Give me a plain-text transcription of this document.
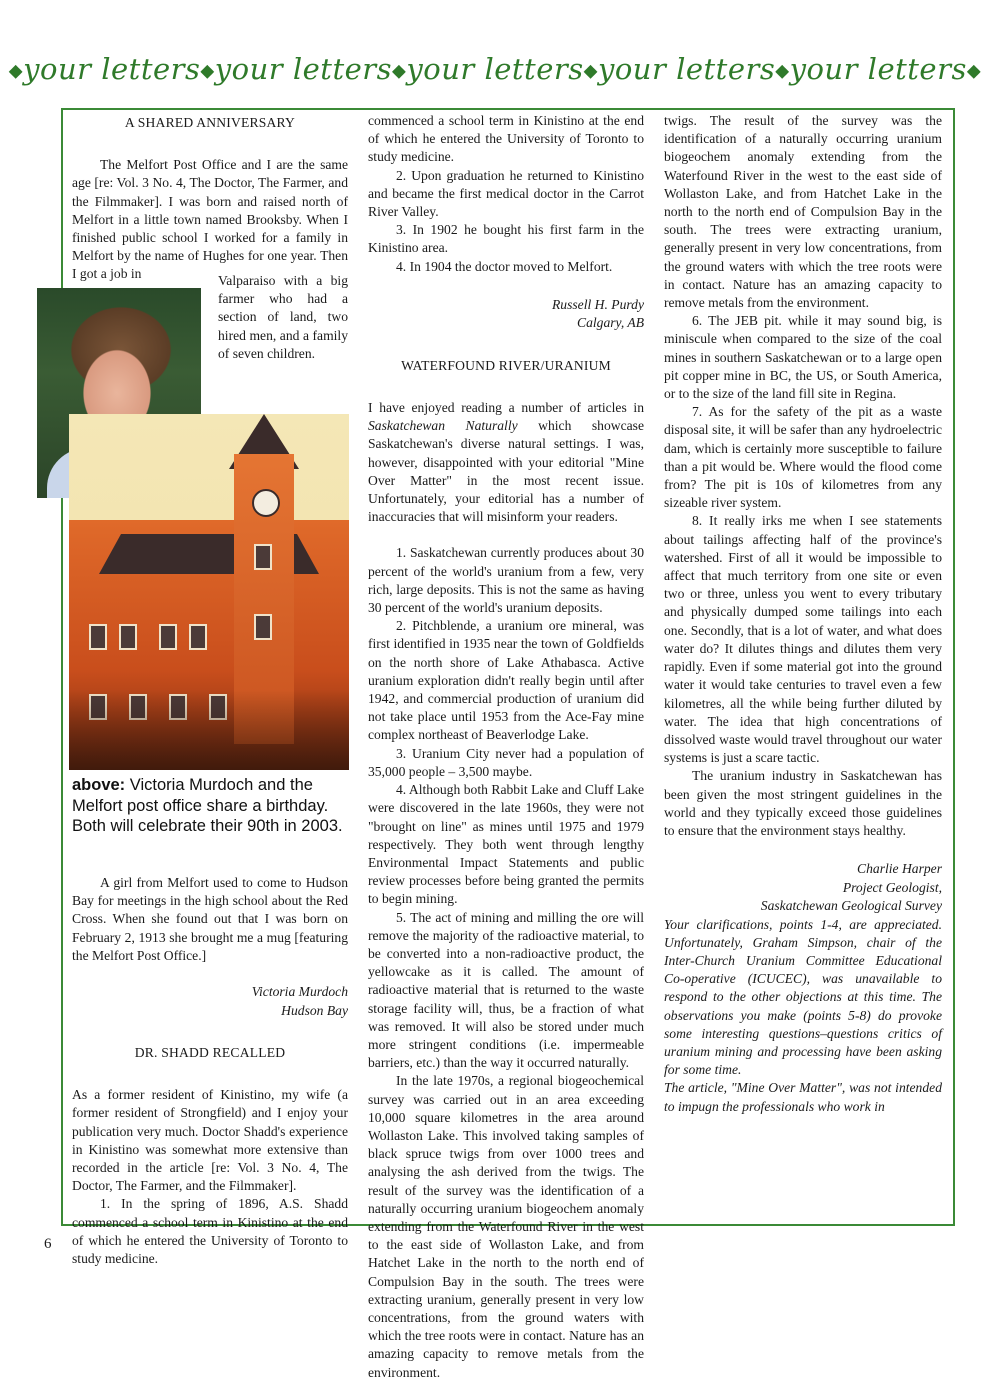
◆your letters◆your letters◆your letters◆your letters◆your letters◆
A SHARED ANNIVERSARY

The Melfort Post Office and I are the same age [re: Vol. 3 No. 4, The Doctor, The Farmer, and the Filmmaker]. I was born and raised north of Melfort in a little town named Brooksby. When I finished public school I worked for a family in Melfort by the name of Hughes for one year. Then I got a job in	Valparaiso with a big farmer who had a section of land, two hired men, and a family of seven children.
above: Victoria Murdoch and the Melfort post office share a birthday. Both will celebrate their 90th in 2003.

A girl from Melfort used to come to Hudson Bay for meetings in the high school about the Red Cross. When she found out that I was born on February 2, 1913 she brought me a mug [featuring the Melfort Post Office.]

Victoria Murdoch
Hudson Bay
DR. SHADD RECALLED

As a former resident of Kinistino, my wife (a former resident of Strongfield) and I enjoy your publication very much. Doctor Shadd's experience in Kinistino was somewhat more extensive than recorded in the article [re: Vol. 3 No. 4, The Doctor, The Farmer, and the Filmmaker].

1. In the spring of 1896, A.S. Shadd commenced a school term in Kinistino at the end of which he entered the University of Toronto to study medicine.

commenced a school term in Kinistino at the end of which he entered the University of Toronto to study medicine.

2. Upon graduation he returned to Kinistino and became the first medical doctor in the Carrot River Valley.

3. In 1902 he bought his first farm in the Kinistino area.

4. In 1904 the doctor moved to Melfort.

Russell H. Purdy
Calgary, AB
WATERFOUND RIVER/URANIUM

I have enjoyed reading a number of articles in Saskatchewan Naturally which showcase Saskatchewan's diverse natural settings. I was, however, disappointed with your editorial "Mine Over Matter" in the most recent issue. Unfortunately, your editorial has a number of inaccuracies that will misinform your readers.

1. Saskatchewan currently produces about 30 percent of the world's uranium from a few, very rich, large deposits. This is not the same as having 30 percent of the world's uranium deposits.

2. Pitchblende, a uranium ore mineral, was first identified in 1935 near the town of Goldfields on the north shore of Lake Athabasca. Active uranium exploration didn't really begin until after 1942, and commercial production of uranium did not take place until 1953 from the Ace-Fay mine complex northeast of Beaverlodge Lake.

3. Uranium City never had a population of 35,000 people – 3,500 maybe.

4. Although both Rabbit Lake and Cluff Lake were discovered in the late 1960s, they were not "brought on line" as mines until 1975 and 1979 respectively. They both went through lengthy Environmental Impact Statements and public review processes before being granted the permits to begin mining.

5. The act of mining and milling the ore will remove the majority of the radioactive material, to be converted into a non-radioactive product, the yellowcake as it is called. The amount of radioactive material that is returned to the waste storage facility will, thus, be a fraction of what was removed. It will also be stored under much more stringent conditions (i.e. impermeable barriers, etc.) than the way it occurred naturally.

In the late 1970s, a regional biogeochemical survey was carried out in an area exceeding 10,000 square kilometres in the area around Wollaston Lake. This involved taking samples of black spruce twigs from over 1000 trees and analysing the ash derived from the twigs. The result of the survey was the identification of a naturally occurring uranium biogeochem anomaly extending from the Waterfound River in the west to the east side of Wollaston Lake, and from Hatchet Lake in the north to the north end of Compulsion Bay in the south. The trees were extracting uranium, generally present in very low concentrations, from the ground waters with which the tree roots were in contact. Nature has an amazing capacity to remove metals from the environment.

twigs. The result of the survey was the identification of a naturally occurring uranium biogeochem anomaly extending from the Waterfound River in the west to the east side of Wollaston Lake, and from Hatchet Lake in the north to the north end of Compulsion Bay in the south. The trees were extracting uranium, generally present in very low concentrations, from the ground waters with which the tree roots were in contact. Nature has an amazing capacity to remove metals from the environment.

6. The JEB pit. while it may sound big, is miniscule when compared to the size of the coal mines in southern Saskatchewan or to a large open pit copper mine in BC, the US, or South America, or to the size of the land fill site in Regina.

7. As for the safety of the pit as a waste disposal site, it will be safer than any hydroelectric dam, which is certainly more susceptible to failure than a pit would be. Where would the flood come from? The pit is 10s of kilometres from any sizeable river system.

8. It really irks me when I see statements about tailings affecting half of the province's watershed. First of all it would be impossible to affect that much territory from one site or even two or three, unless you went to every tributary and physically dumped some tailings into each one. Secondly, that is a lot of water, and what does water do? It dilutes things and dilutes them very rapidly. Even if some material got into the ground water it would take centuries to travel even a few kilometres, all the while being further diluted by water. The idea that high concentrations of dissolved waste would travel throughout our water systems is just a scare tactic.

The uranium industry in Saskatchewan has been given the most stringent guidelines in the world and they typically exceed those guidelines to ensure that the environment stays healthy.

Charlie Harper
Project Geologist,
Saskatchewan Geological Survey

Your clarifications, points 1-4, are appreciated. Unfortunately, Graham Simpson, chair of the Inter-Church Uranium Committee Educational Co-operative (ICUCEC), was unavailable to respond to the other objections at this time. The observations you make (points 5-8) do provoke some interesting questions–questions critics of uranium mining and processing have been asking for some time.

The article, "Mine Over Matter", was not intended to impugn the professionals who work in

6
